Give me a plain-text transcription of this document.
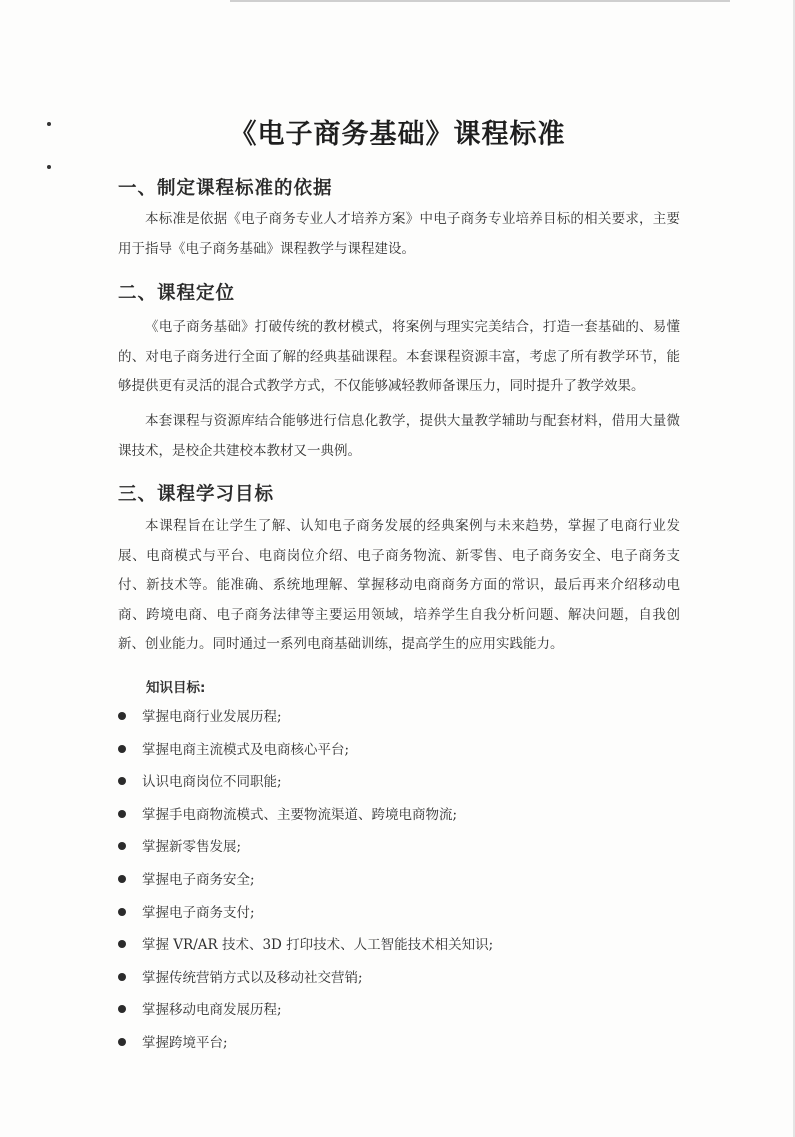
《电子商务基础》课程标准
一、制定课程标准的依据

本标准是依据《电子商务专业人才培养方案》中电子商务专业培养目标的相关要求，主要用于指导《电子商务基础》课程教学与课程建设。

二、课程定位

《电子商务基础》打破传统的教材模式，将案例与理实完美结合，打造一套基础的、易懂的、对电子商务进行全面了解的经典基础课程。本套课程资源丰富，考虑了所有教学环节，能够提供更有灵活的混合式教学方式，不仅能够减轻教师备课压力，同时提升了教学效果。

本套课程与资源库结合能够进行信息化教学，提供大量教学辅助与配套材料，借用大量微课技术，是校企共建校本教材又一典例。

三、课程学习目标

本课程旨在让学生了解、认知电子商务发展的经典案例与未来趋势，掌握了电商行业发展、电商模式与平台、电商岗位介绍、电子商务物流、新零售、电子商务安全、电子商务支付、新技术等。能准确、系统地理解、掌握移动电商商务方面的常识，最后再来介绍移动电商、跨境电商、电子商务法律等主要运用领域，培养学生自我分析问题、解决问题，自我创新、创业能力。同时通过一系列电商基础训练，提高学生的应用实践能力。

知识目标:
掌握电商行业发展历程;
掌握电商主流模式及电商核心平台;
认识电商岗位不同职能;
掌握手电商物流模式、主要物流渠道、跨境电商物流;
掌握新零售发展;
掌握电子商务安全;
掌握电子商务支付;
掌握 VR/AR 技术、3D 打印技术、人工智能技术相关知识;
掌握传统营销方式以及移动社交营销;
掌握移动电商发展历程;
掌握跨境平台;
